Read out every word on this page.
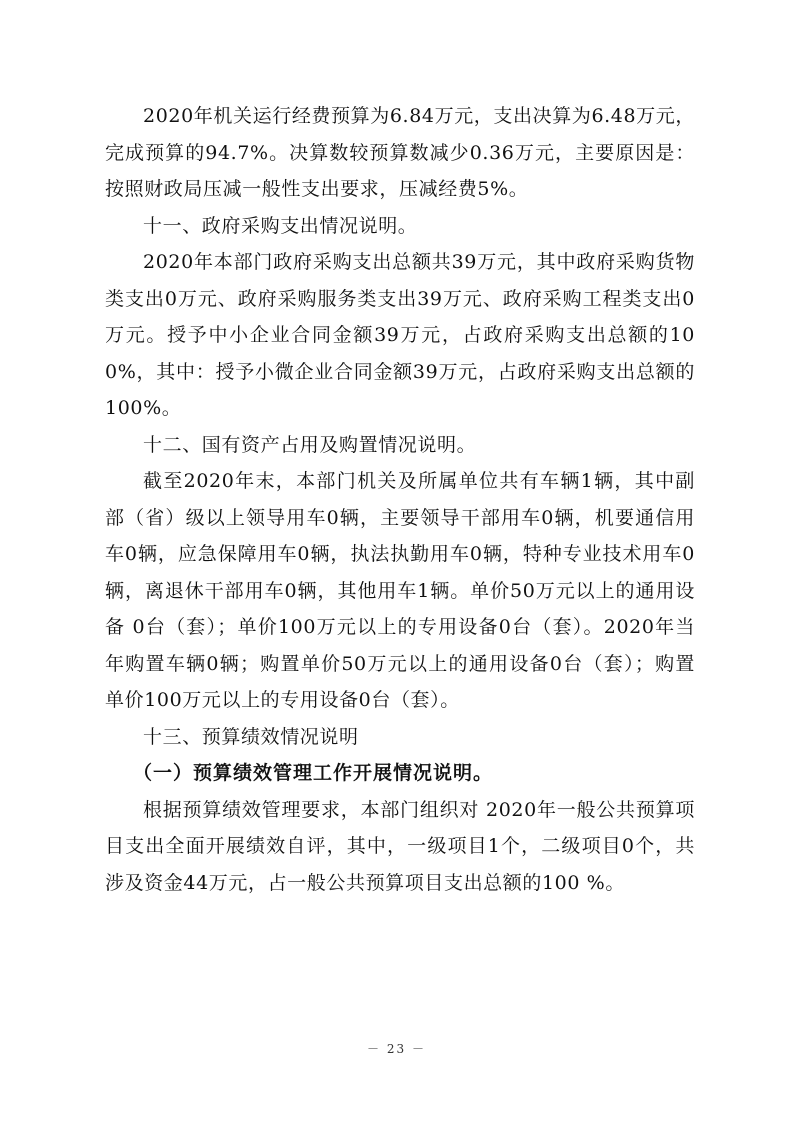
2020年机关运行经费预算为6.84万元，支出决算为6.48万元，完成预算的94.7%。决算数较预算数减少0.36万元，主要原因是：按照财政局压减一般性支出要求，压减经费5%。

十一、政府采购支出情况说明。

2020年本部门政府采购支出总额共39万元，其中政府采购货物类支出0万元、政府采购服务类支出39万元、政府采购工程类支出0万元。授予中小企业合同金额39万元，占政府采购支出总额的100%，其中：授予小微企业合同金额39万元，占政府采购支出总额的100%。

十二、国有资产占用及购置情况说明。

截至2020年末，本部门机关及所属单位共有车辆1辆，其中副部（省）级以上领导用车0辆，主要领导干部用车0辆，机要通信用车0辆，应急保障用车0辆，执法执勤用车0辆，特种专业技术用车0辆，离退休干部用车0辆，其他用车1辆。单价50万元以上的通用设备 0台（套）；单价100万元以上的专用设备0台（套）。2020年当年购置车辆0辆；购置单价50万元以上的通用设备0台（套）；购置单价100万元以上的专用设备0台（套）。

十三、预算绩效情况说明

（一）预算绩效管理工作开展情况说明。

根据预算绩效管理要求，本部门组织对 2020年一般公共预算项目支出全面开展绩效自评，其中，一级项目1个，二级项目0个，共涉及资金44万元，占一般公共预算项目支出总额的100 %。

－ 23 －
